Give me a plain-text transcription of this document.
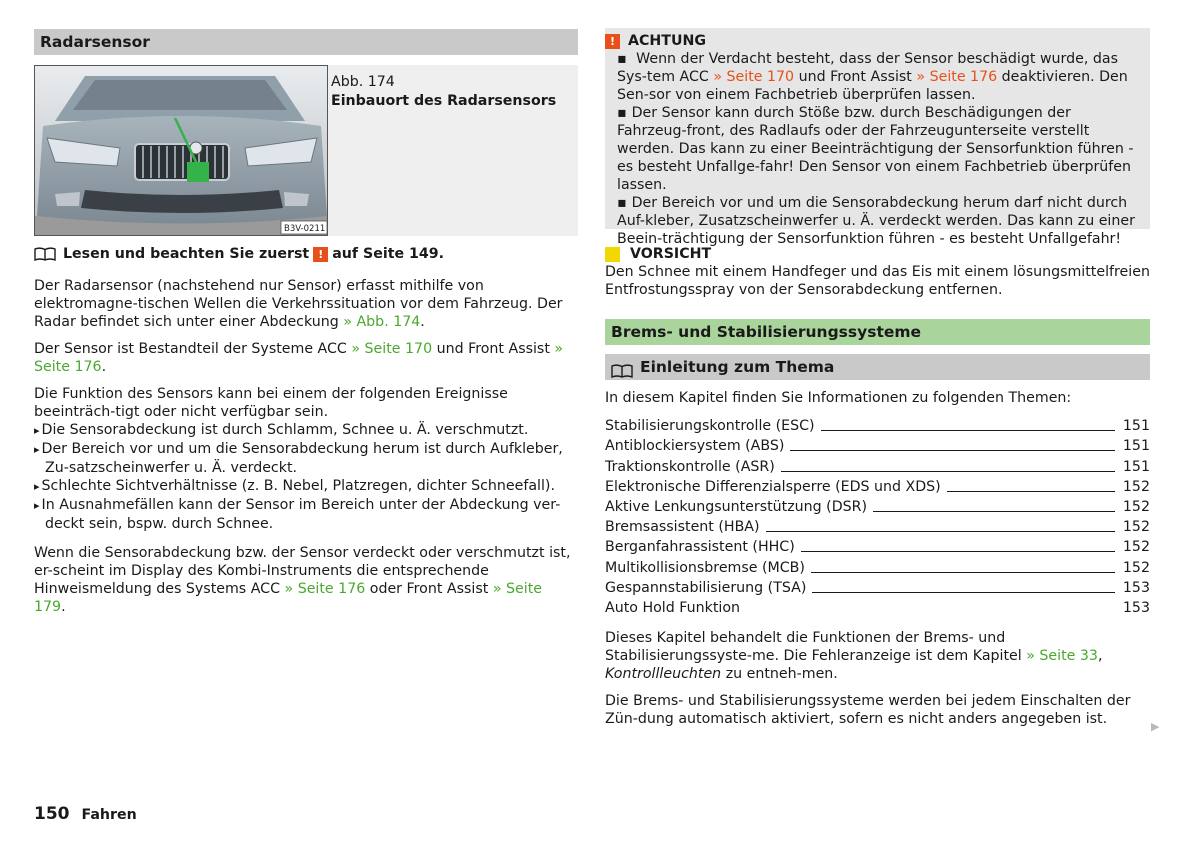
Radarsensor
B3V-0211
Abb. 174
Einbauort des Radarsensors
Lesen und beachten Sie zuerst ! auf Seite 149.

Der Radarsensor (nachstehend nur Sensor) erfasst mithilfe von elektromagne-tischen Wellen die Verkehrssituation vor dem Fahrzeug. Der Radar befindet sich unter einer Abdeckung » Abb. 174.

Der Sensor ist Bestandteil der Systeme ACC » Seite 170 und Front Assist » Seite 176.

Die Funktion des Sensors kann bei einem der folgenden Ereignisse beeinträch-tigt oder nicht verfügbar sein.

▸ Die Sensorabdeckung ist durch Schlamm, Schnee u. Ä. verschmutzt.
▸ Der Bereich vor und um die Sensorabdeckung herum ist durch Aufkleber, Zu-satzscheinwerfer u. Ä. verdeckt.
▸ Schlechte Sichtverhältnisse (z. B. Nebel, Platzregen, dichter Schneefall).
▸ In Ausnahmefällen kann der Sensor im Bereich unter der Abdeckung ver-deckt sein, bspw. durch Schnee.

Wenn die Sensorabdeckung bzw. der Sensor verdeckt oder verschmutzt ist, er-scheint im Display des Kombi-Instruments die entsprechende Hinweismeldung des Systems ACC » Seite 176 oder Front Assist » Seite 179.

! ACHTUNG

▪ Wenn der Verdacht besteht, dass der Sensor beschädigt wurde, das Sys-tem ACC » Seite 170 und Front Assist » Seite 176 deaktivieren. Den Sen-sor von einem Fachbetrieb überprüfen lassen.

▪ Der Sensor kann durch Stöße bzw. durch Beschädigungen der Fahrzeug-front, des Radlaufs oder der Fahrzeugunterseite verstellt werden. Das kann zu einer Beeinträchtigung der Sensorfunktion führen - es besteht Unfallge-fahr! Den Sensor von einem Fachbetrieb überprüfen lassen.

▪ Der Bereich vor und um die Sensorabdeckung herum darf nicht durch Auf-kleber, Zusatzscheinwerfer u. Ä. verdeckt werden. Das kann zu einer Beein-trächtigung der Sensorfunktion führen - es besteht Unfallgefahr!

VORSICHT

Den Schnee mit einem Handfeger und das Eis mit einem lösungsmittelfreien Entfrostungsspray von der Sensorabdeckung entfernen.

Brems- und Stabilisierungssysteme
Einleitung zum Thema

In diesem Kapitel finden Sie Informationen zu folgenden Themen:

Stabilisierungskontrolle (ESC)	151
Antiblockiersystem (ABS)	151
Traktionskontrolle (ASR)	151
Elektronische Differenzialsperre (EDS und XDS)	152
Aktive Lenkungsunterstützung (DSR)	152
Bremsassistent (HBA)	152
Berganfahrassistent (HHC)	152
Multikollisionsbremse (MCB)	152
Gespannstabilisierung (TSA)	153
Auto Hold Funktion	153

Dieses Kapitel behandelt die Funktionen der Brems- und Stabilisierungssyste-me. Die Fehleranzeige ist dem Kapitel » Seite 33, Kontrollleuchten zu entneh-men.

Die Brems- und Stabilisierungssysteme werden bei jedem Einschalten der Zün-dung automatisch aktiviert, sofern es nicht anders angegeben ist.	▶
150 Fahren
